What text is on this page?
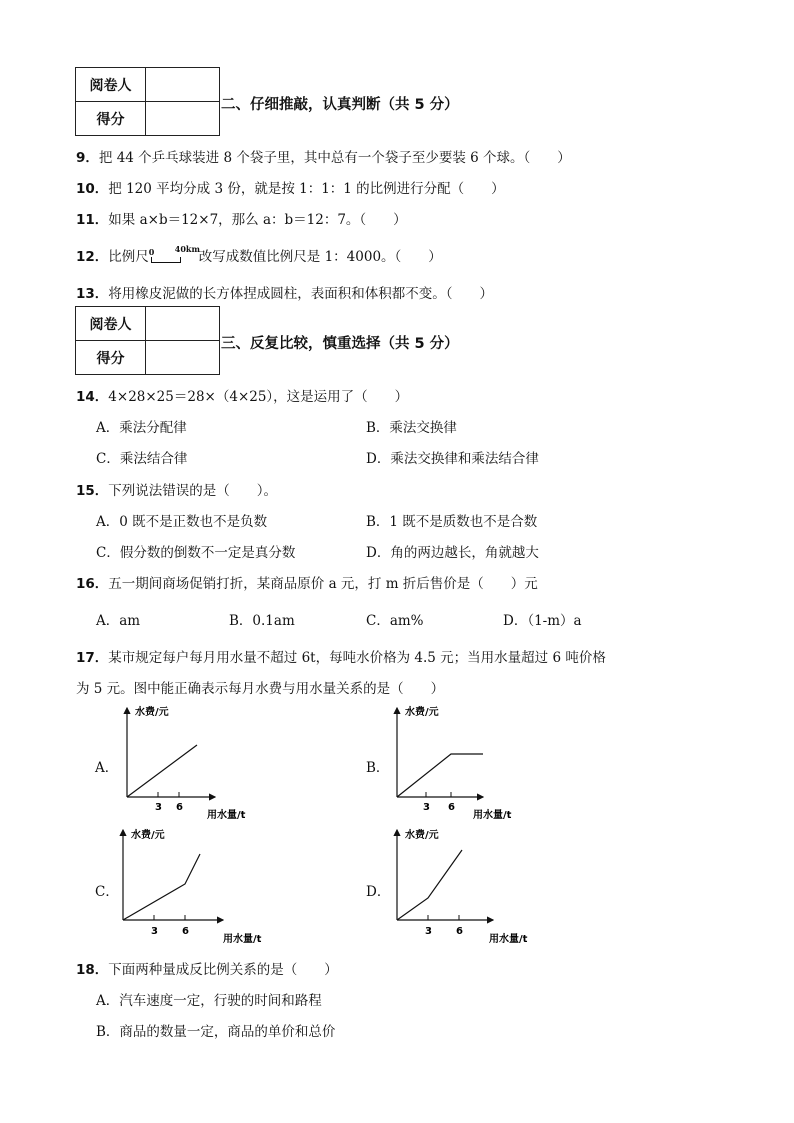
阅卷人	
得分	
二、仔细推敲，认真判断（共 5 分）
9．把 44 个乒乓球装进 8 个袋子里，其中总有一个袋子至少要装 6 个球。（　　）
10．把 120 平均分成 3 份，就是按 1：1：1 的比例进行分配（　　）
11．如果 a×b＝12×7，那么 a：b＝12：7。（　　）
12．比例尺 0	40km
改写成数值比例尺是 1：4000。（　　）
13．将用橡皮泥做的长方体捏成圆柱，表面积和体积都不变。（　　）
阅卷人	
得分	
三、反复比较，慎重选择（共 5 分）
14．4×28×25＝28×（4×25），这是运用了（　　）
A．乘法分配律	B．乘法交换律
C．乘法结合律	D．乘法交换律和乘法结合律
15．下列说法错误的是（　　）。
A．0 既不是正数也不是负数	B．1 既不是质数也不是合数
C．假分数的倒数不一定是真分数	D．角的两边越长，角就越大
16．五一期间商场促销打折，某商品原价 a 元，打 m 折后售价是（　　）元
A．am	B．0.1am	C．am%	D．（1-m）a
17．某市规定每户每月用水量不超过 6t，每吨水价格为 4.5 元；当用水量超过 6 吨价格
为 5 元。图中能正确表示每月水费与用水量关系的是（　　）
A．
水费/元
3 6
用水量/t
B．
水费/元
3 6
用水量/t
C．
水费/元
3 6
用水量/t
D．
水费/元
3 6
用水量/t
18．下面两种量成反比例关系的是（　　）
A．汽车速度一定，行驶的时间和路程
B．商品的数量一定，商品的单价和总价
